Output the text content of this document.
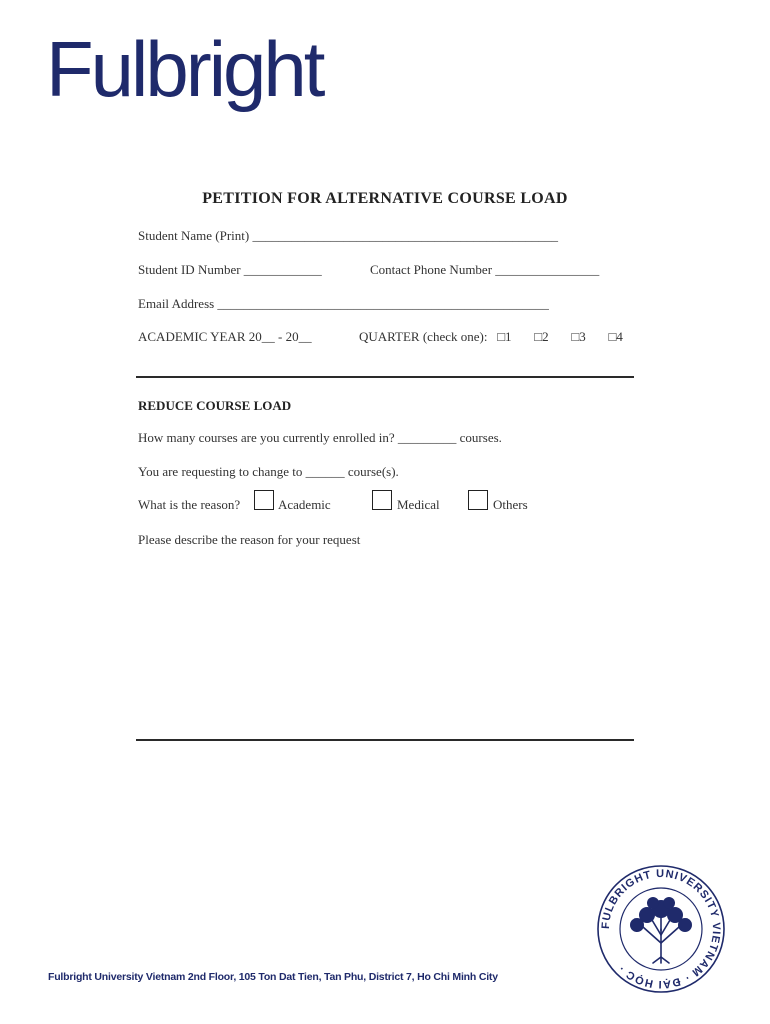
Fulbright
PETITION FOR ALTERNATIVE COURSE LOAD
Student Name (Print) _______________________________________________
Student ID Number ____________	Contact Phone Number ________________
Email Address ___________________________________________________
ACADEMIC YEAR 20__ - 20__	QUARTER (check one):   □1       □2       □3       □4
REDUCE COURSE LOAD
How many courses are you currently enrolled in? _________ courses.
You are requesting to change to ______ course(s).
What is the reason?	Academic	Medical	Others
Please describe the reason for your request
Fulbright University Vietnam 2nd Floor, 105 Ton Dat Tien, Tan Phu, District 7, Ho Chi Minh City
FULBRIGHT UNIVERSITY VIETNAM · ĐẠI HỌC ·
